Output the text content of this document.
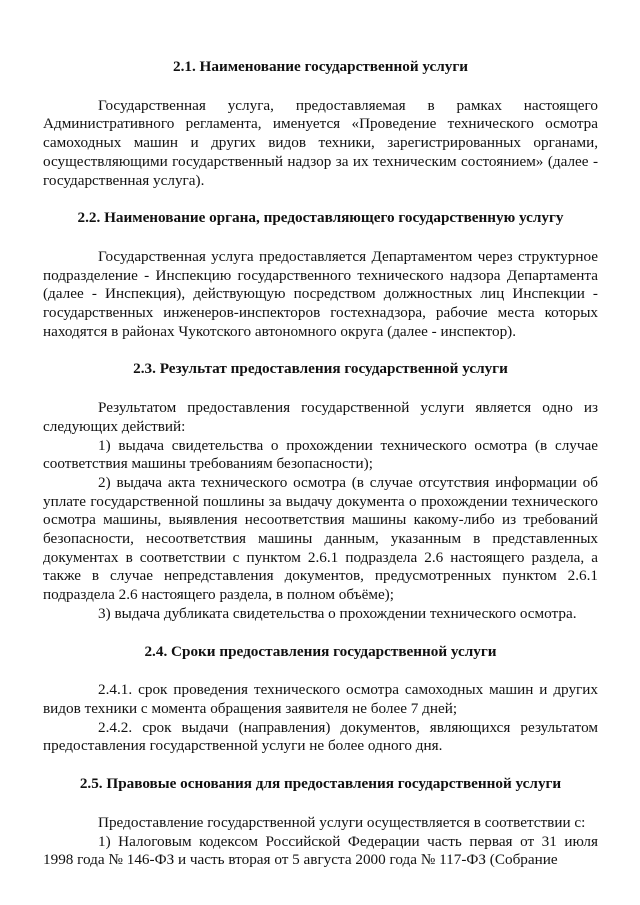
2.1. Наименование государственной услуги

Государственная услуга, предоставляемая в рамках настоящего Административного регламента, именуется «Проведение технического осмотра самоходных машин и других видов техники, зарегистрированных органами, осуществляющими государственный надзор за их техническим состоянием» (далее - государственная услуга).

2.2. Наименование органа, предоставляющего государственную услугу

Государственная услуга предоставляется Департаментом через структурное подразделение - Инспекцию государственного технического надзора Департамента (далее - Инспекция), действующую посредством должностных лиц Инспекции - государственных инженеров-инспекторов гостехнадзора, рабочие места которых находятся в районах Чукотского автономного округа (далее - инспектор).

2.3. Результат предоставления государственной услуги

Результатом предоставления государственной услуги является одно из следующих действий:

1) выдача свидетельства о прохождении технического осмотра (в случае соответствия машины требованиям безопасности);

2) выдача акта технического осмотра (в случае отсутствия информации об уплате государственной пошлины за выдачу документа о прохождении технического осмотра машины, выявления несоответствия машины какому-либо из требований безопасности, несоответствия машины данным, указанным в представленных документах в соответствии с пунктом 2.6.1 подраздела 2.6 настоящего раздела, а также в случае непредставления документов, предусмотренных пунктом 2.6.1 подраздела 2.6 настоящего раздела, в полном объёме);

3) выдача дубликата свидетельства о прохождении технического осмотра.

2.4. Сроки предоставления государственной услуги

2.4.1. срок проведения технического осмотра самоходных машин и других видов техники с момента обращения заявителя не более 7 дней;

2.4.2. срок выдачи (направления) документов, являющихся результатом предоставления государственной услуги не более одного дня.

2.5. Правовые основания для предоставления государственной услуги

Предоставление государственной услуги осуществляется в соответствии с:

1) Налоговым кодексом Российской Федерации часть первая от 31 июля 1998 года № 146-ФЗ и часть вторая от 5 августа 2000 года № 117-ФЗ (Собрание
